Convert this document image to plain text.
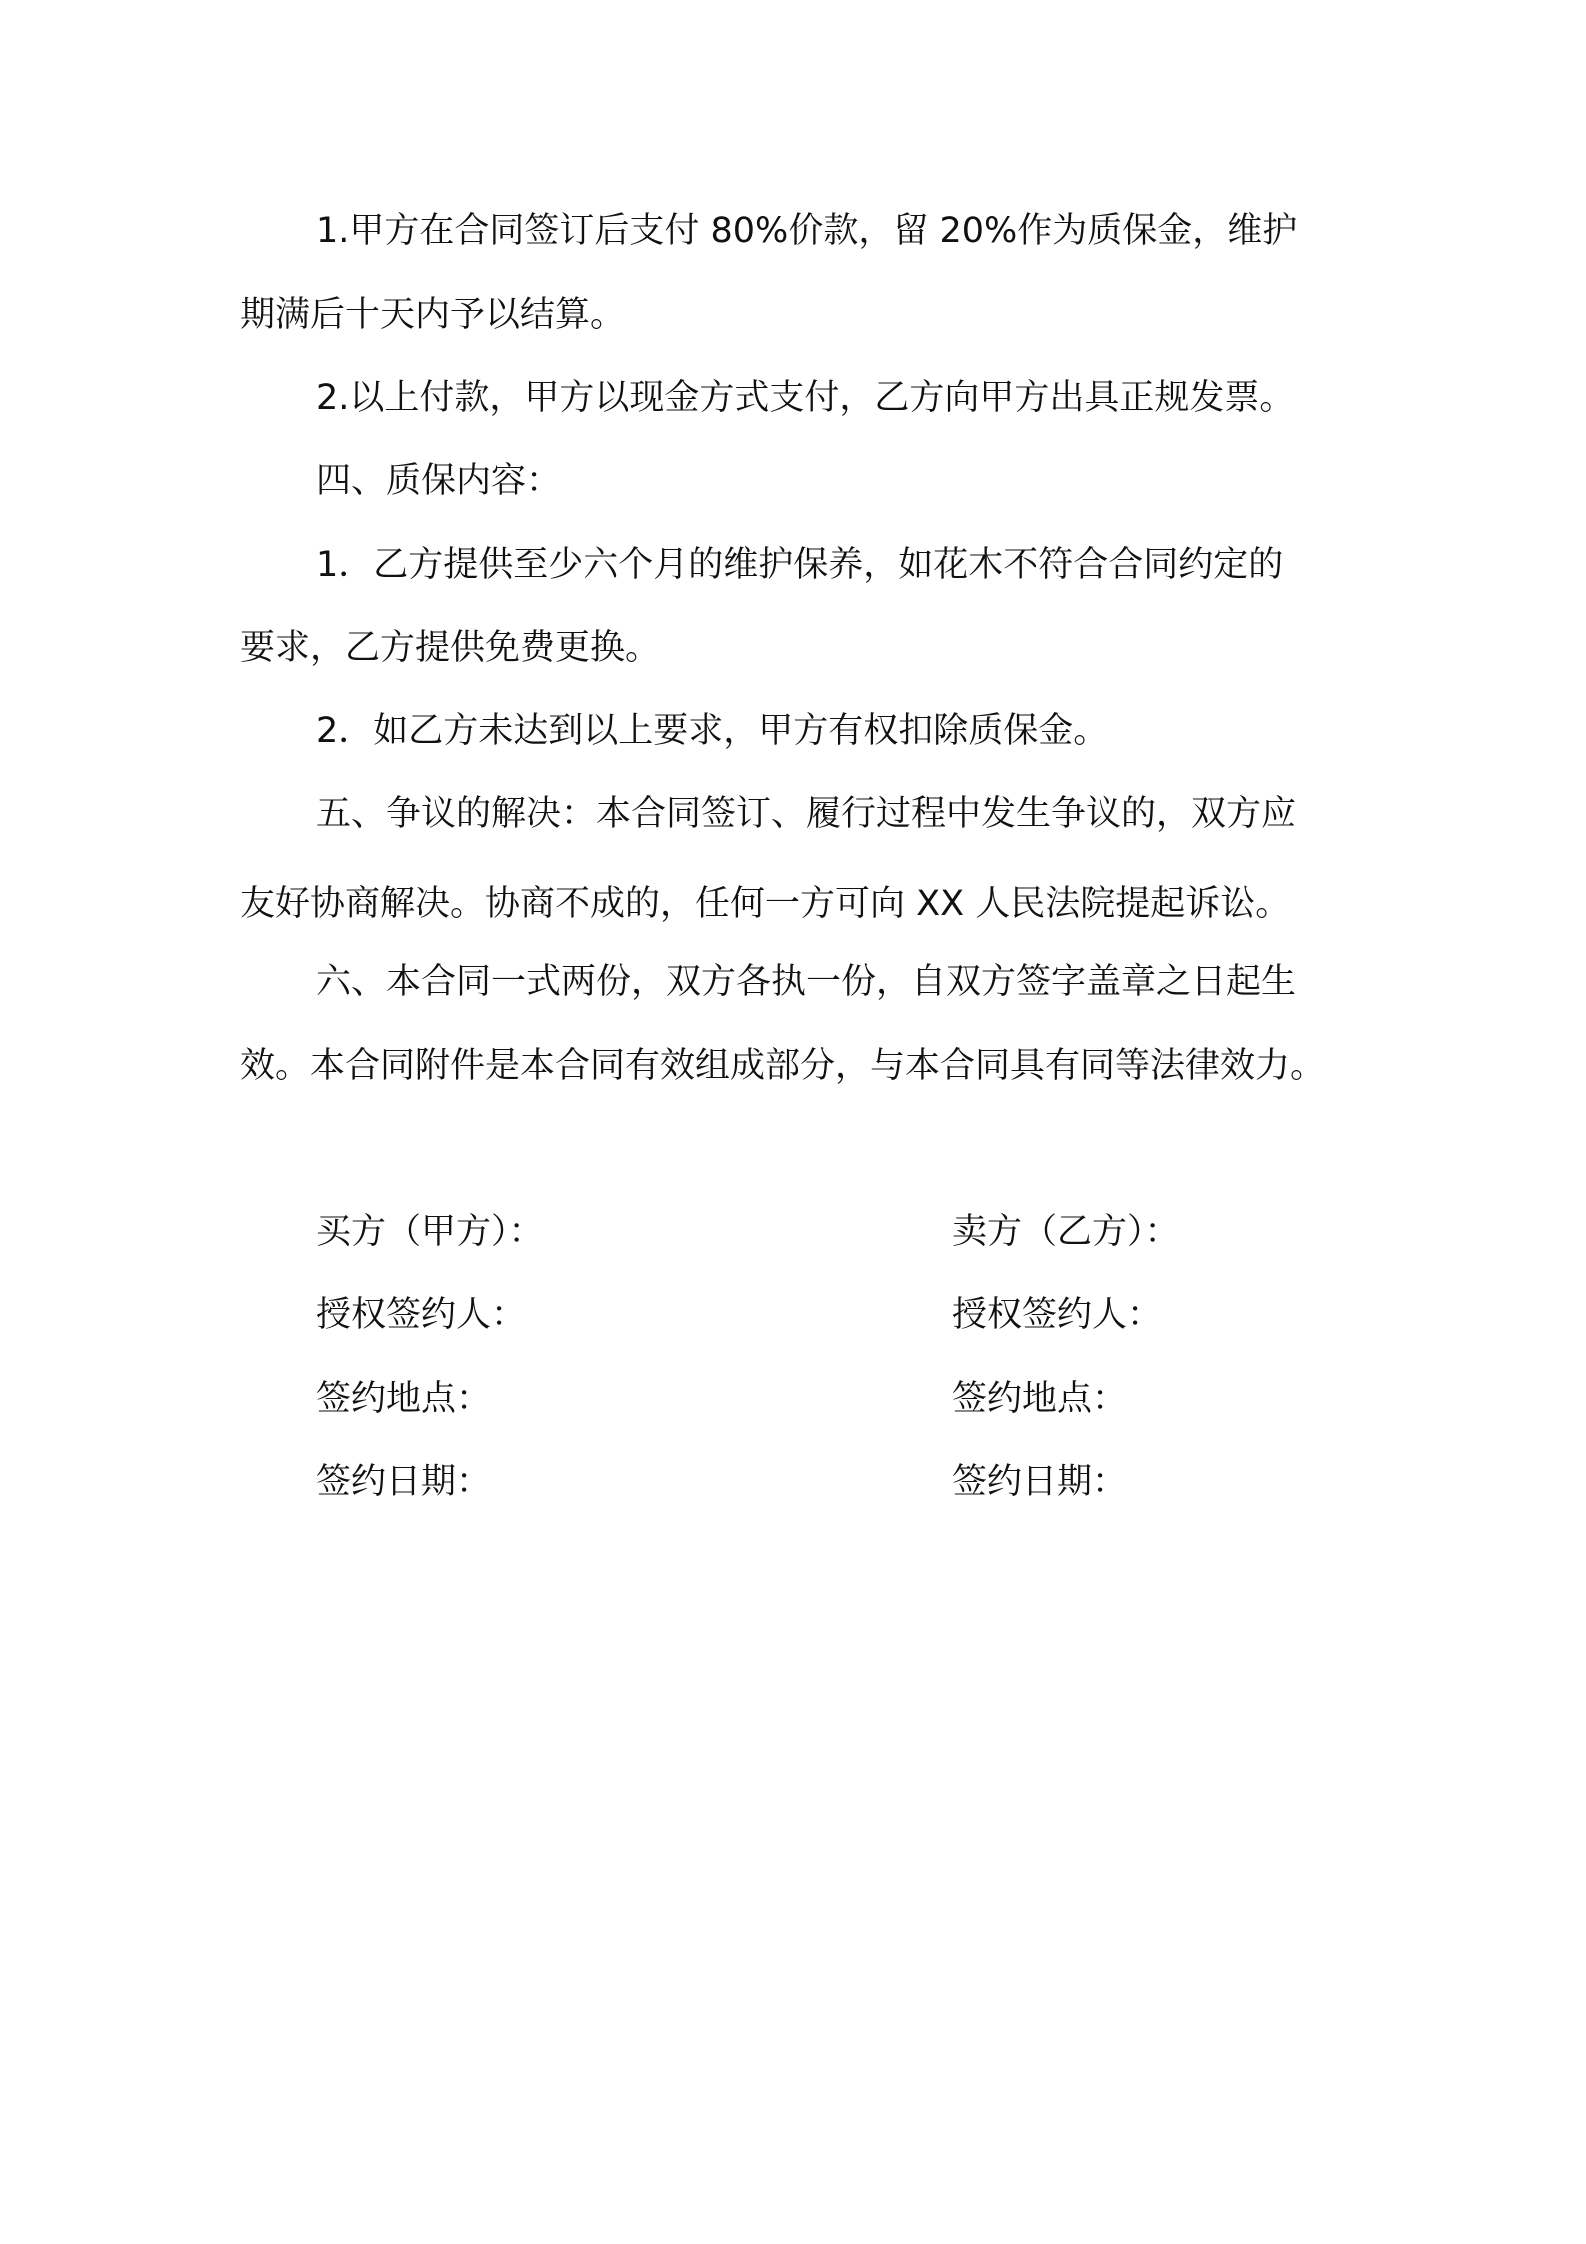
1.甲方在合同签订后支付 80%价款，留 20%作为质保金，维护
期满后十天内予以结算。
2.以上付款，甲方以现金方式支付，乙方向甲方出具正规发票。
四、质保内容：
1．乙方提供至少六个月的维护保养，如花木不符合合同约定的
要求，乙方提供免费更换。
2．如乙方未达到以上要求，甲方有权扣除质保金。
五、争议的解决：本合同签订、履行过程中发生争议的，双方应
友好协商解决。协商不成的，任何一方可向 XX 人民法院提起诉讼。
六、本合同一式两份，双方各执一份，自双方签字盖章之日起生
效。本合同附件是本合同有效组成部分，与本合同具有同等法律效力。
买方（甲方）：
授权签约人：
签约地点：
签约日期：
卖方（乙方）：
授权签约人：
签约地点：
签约日期：
